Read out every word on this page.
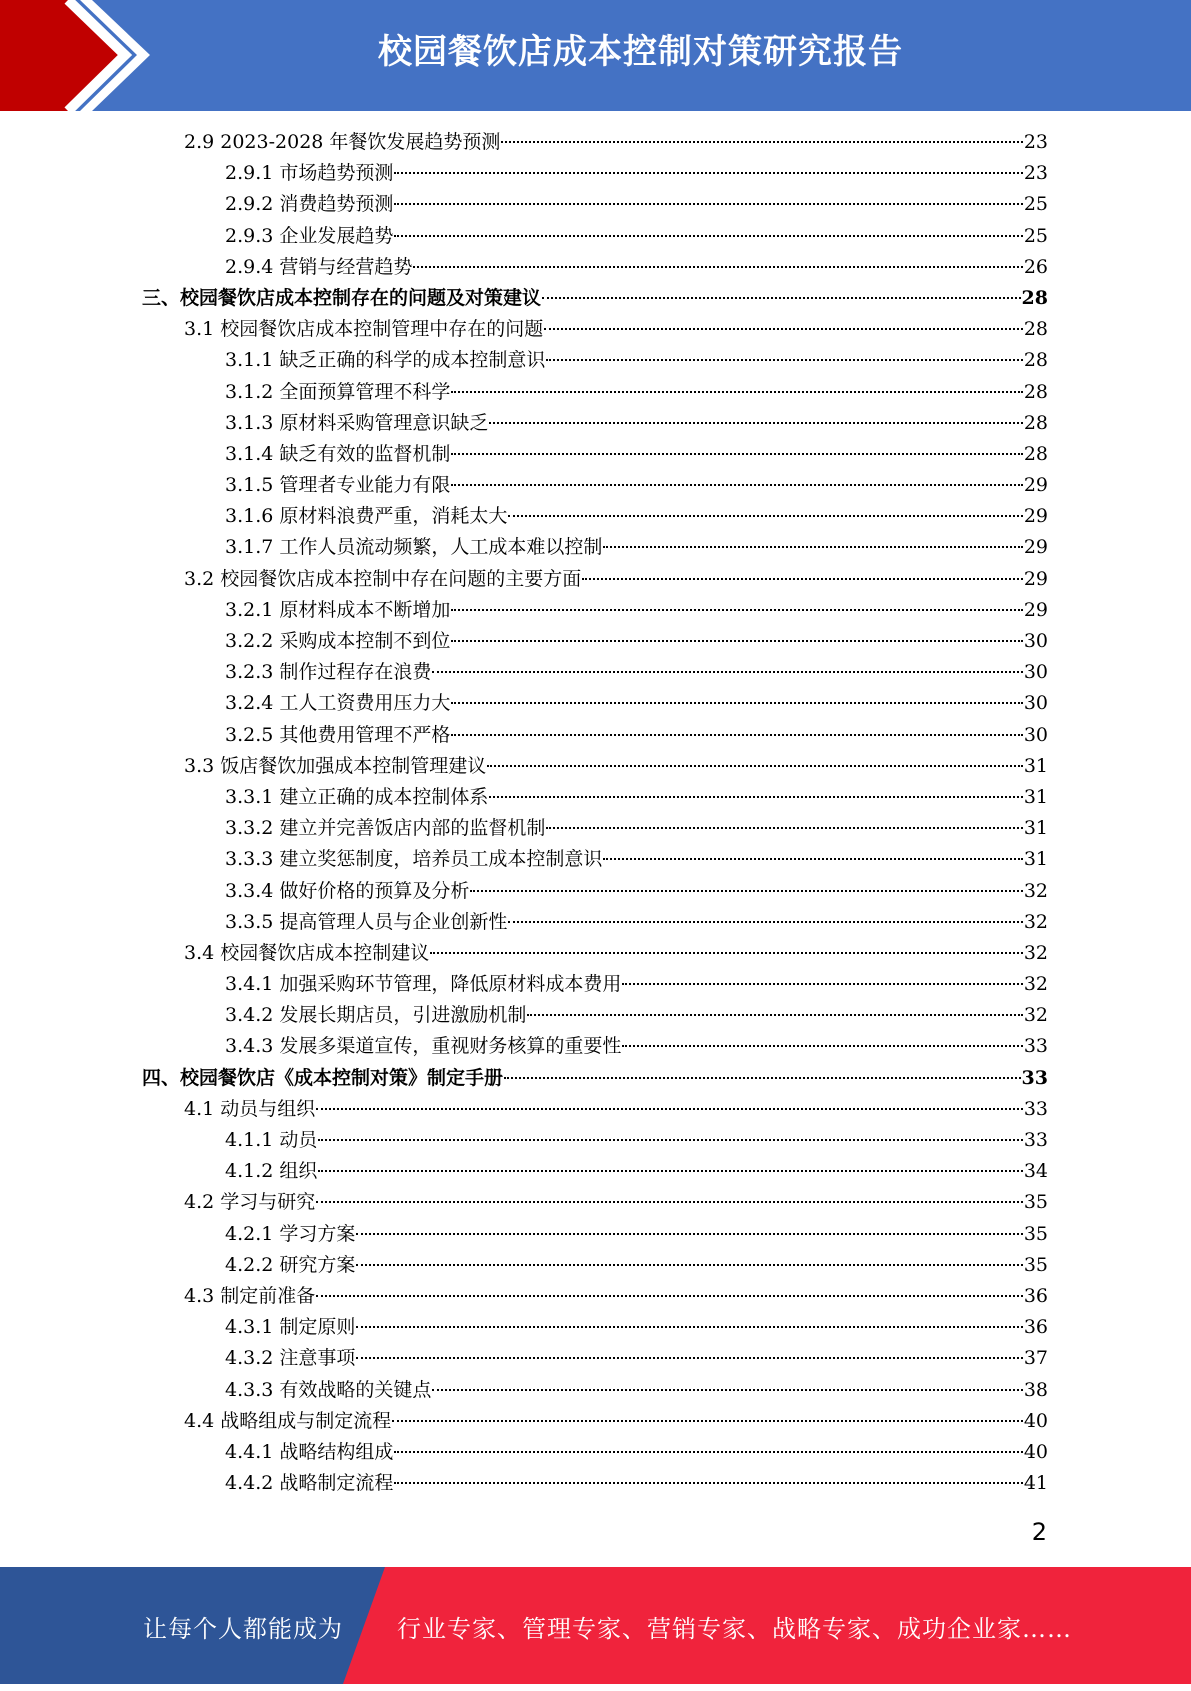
校园餐饮店成本控制对策研究报告
2.9 2023-2028 年餐饮发展趋势预测	23
2.9.1 市场趋势预测	23
2.9.2 消费趋势预测	25
2.9.3 企业发展趋势	25
2.9.4 营销与经营趋势	26
三、校园餐饮店成本控制存在的问题及对策建议	28
3.1 校园餐饮店成本控制管理中存在的问题	28
3.1.1 缺乏正确的科学的成本控制意识	28
3.1.2 全面预算管理不科学	28
3.1.3 原材料采购管理意识缺乏	28
3.1.4 缺乏有效的监督机制	28
3.1.5 管理者专业能力有限	29
3.1.6 原材料浪费严重，消耗太大	29
3.1.7 工作人员流动频繁，人工成本难以控制	29
3.2 校园餐饮店成本控制中存在问题的主要方面	29
3.2.1 原材料成本不断增加	29
3.2.2 采购成本控制不到位	30
3.2.3 制作过程存在浪费	30
3.2.4 工人工资费用压力大	30
3.2.5 其他费用管理不严格	30
3.3 饭店餐饮加强成本控制管理建议	31
3.3.1 建立正确的成本控制体系	31
3.3.2 建立并完善饭店内部的监督机制	31
3.3.3 建立奖惩制度，培养员工成本控制意识	31
3.3.4 做好价格的预算及分析	32
3.3.5 提高管理人员与企业创新性	32
3.4 校园餐饮店成本控制建议	32
3.4.1 加强采购环节管理，降低原材料成本费用	32
3.4.2 发展长期店员，引进激励机制	32
3.4.3 发展多渠道宣传，重视财务核算的重要性	33
四、校园餐饮店《成本控制对策》制定手册	33
4.1 动员与组织	33
4.1.1 动员	33
4.1.2 组织	34
4.2 学习与研究	35
4.2.1 学习方案	35
4.2.2 研究方案	35
4.3 制定前准备	36
4.3.1 制定原则	36
4.3.2 注意事项	37
4.3.3 有效战略的关键点	38
4.4 战略组成与制定流程	40
4.4.1 战略结构组成	40
4.4.2 战略制定流程	41
2
让每个人都能成为 行业专家、管理专家、营销专家、战略专家、成功企业家……
